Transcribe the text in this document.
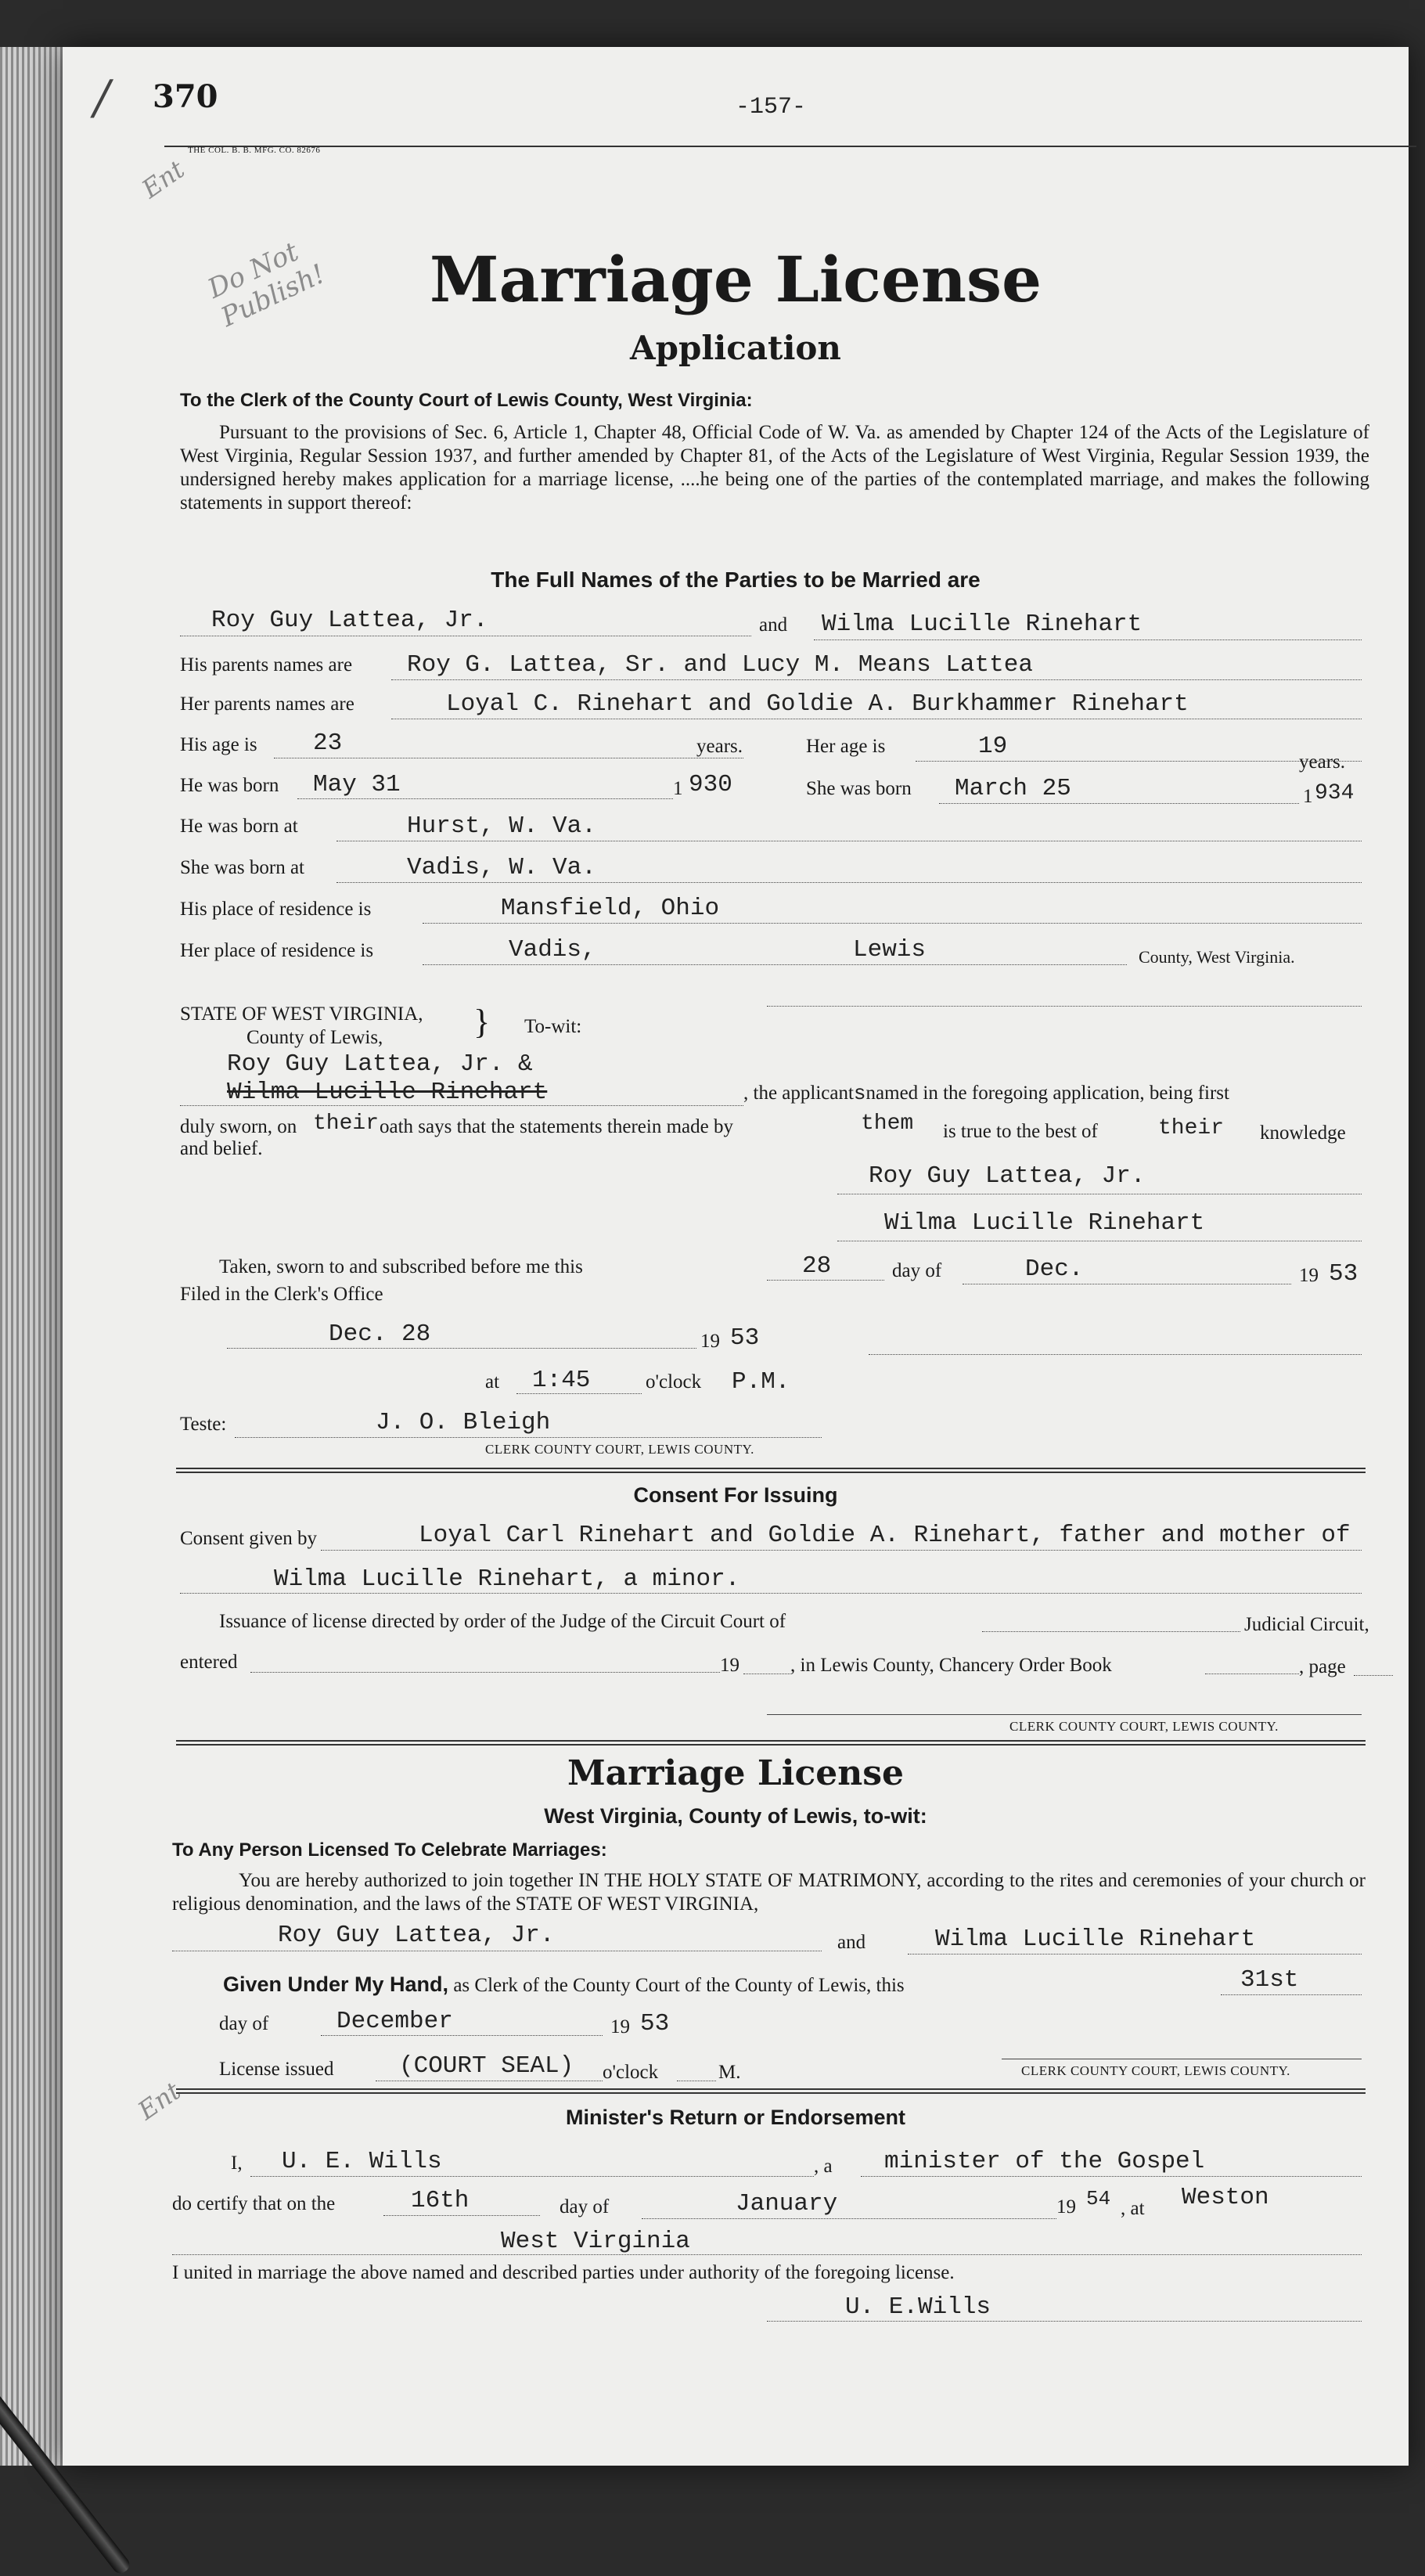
/ 370	-157-
THE COL. B. B. MFG. CO. 82676
Ent
Do Not Publish!	Marriage License
Application
To the Clerk of the County Court of Lewis County, West Virginia:

Pursuant to the provisions of Sec. 6, Article 1, Chapter 48, Official Code of W. Va. as amended by Chapter 124 of the Acts of the Legislature of West Virginia, Regular Session 1937, and further amended by Chapter 81, of the Acts of the Legislature of West Virginia, Regular Session 1939, the undersigned hereby makes application for a marriage license, ....he being one of the parties of the contemplated marriage, and makes the following statements in support thereof:

The Full Names of the Parties to be Married are
Roy Guy Lattea, Jr.	and Wilma Lucille Rinehart
His parents names are Roy G. Lattea, Sr. and Lucy M. Means Lattea
Her parents names are	Loyal C. Rinehart and Goldie A. Burkhammer Rinehart
His age is 23	years.	Her age is	19
years.
He was born May 31	1 930	She was born March 25	1 934
He was born at	Hurst, W. Va.
She was born at	Vadis, W. Va.
His place of residence is	Mansfield, Ohio
Her place of residence is	Vadis,	Lewis	County, West Virginia.
STATE OF WEST VIRGINIA,
County of Lewis,	} To-wit:
Roy Guy Lattea, Jr. &
Wilma Lucille Rinehart	, the applicantsnamed in the foregoing application, being first
duly sworn, on their oath says that the statements therein made by	them is true to the best of	their knowledge
and belief.
Roy Guy Lattea, Jr.
Wilma Lucille Rinehart
Taken, sworn to and subscribed before me this	28	day of	Dec.	19 53
Filed in the Clerk's Office
Dec. 28	19 53
at 1:45	o'clock P.M.
Teste:	J. O. Bleigh
CLERK COUNTY COURT, LEWIS COUNTY.
Consent For Issuing
Consent given by	Loyal Carl Rinehart and Goldie A. Rinehart, father and mother of
Wilma Lucille Rinehart, a minor.
Issuance of license directed by order of the Judge of the Circuit Court of	Judicial Circuit,
entered	19	, in Lewis County, Chancery Order Book	, page
CLERK COUNTY COURT, LEWIS COUNTY.
Marriage License
West Virginia, County of Lewis, to-wit:
To Any Person Licensed To Celebrate Marriages:

You are hereby authorized to join together IN THE HOLY STATE OF MATRIMONY, according to the rites and ceremonies of your church or religious denomination, and the laws of the STATE OF WEST VIRGINIA,

Roy Guy Lattea, Jr.	and	Wilma Lucille Rinehart
Given Under My Hand, as Clerk of the County Court of the County of Lewis, this	31st
day of	December	19 53
License issued	(COURT SEAL) o'clock	M.	CLERK COUNTY COURT, LEWIS COUNTY.
Ent	Minister's Return or Endorsement
I, U. E. Wills	, a minister of the Gospel
do certify that on the	16th	day of	January	19 54 , at Weston
West Virginia
I united in marriage the above named and described parties under authority of the foregoing license.
U. E.Wills
